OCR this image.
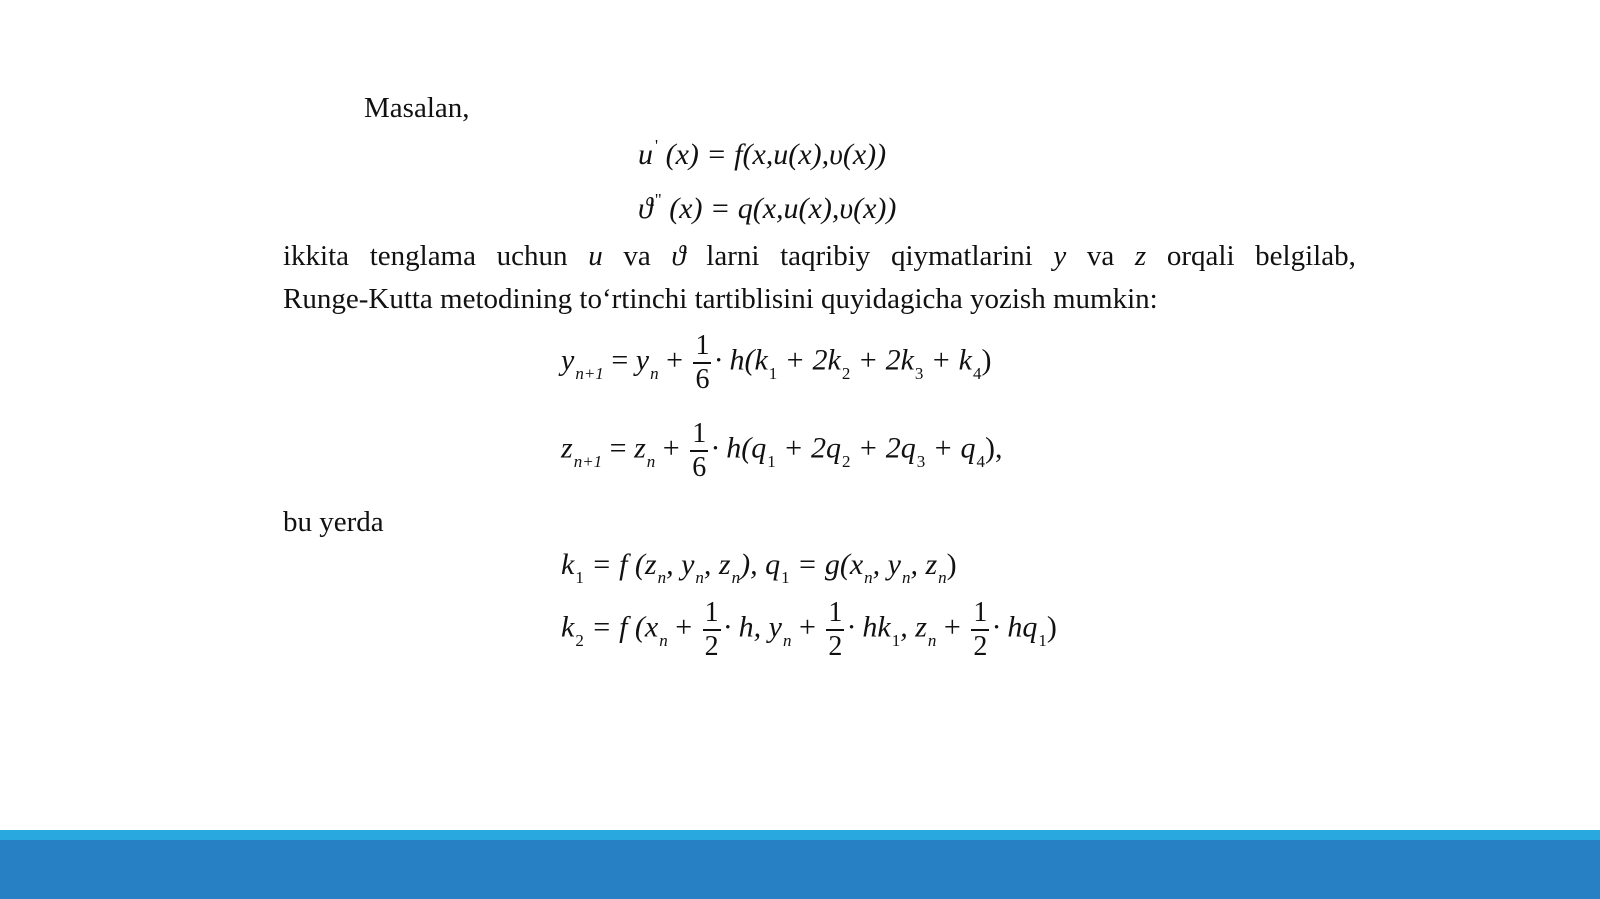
Masalan,
u ' (x) = f(x,u(x),υ(x))
ϑ " (x) = q(x,u(x),υ(x))
ikkita tenglama uchun u va ϑ larni taqribiy qiymatlarini y va z orqali belgilab,
Runge-Kutta metodining to‘rtinchi tartiblisini quyidagicha yozish mumkin:
$y_{n+1} = y_n + \frac{1}{6} \cdot h(k_1 + 2k_2 + 2k_3 + k_4)$
$z_{n+1} = z_n + \frac{1}{6} \cdot h(q_1 + 2q_2 + 2q_3 + q_4)$,
bu yerda
$k_1 = f$ ($z_n$, $y_n$, $z_n$), $q_1 = g(x_n$, $y_n$, $z_n$)
$k_2 = f$ ($x_n + \frac{1}{2} \cdot h$, $y_n + \frac{1}{2} \cdot hk_1$, $z_n + \frac{1}{2} \cdot hq_1$)
